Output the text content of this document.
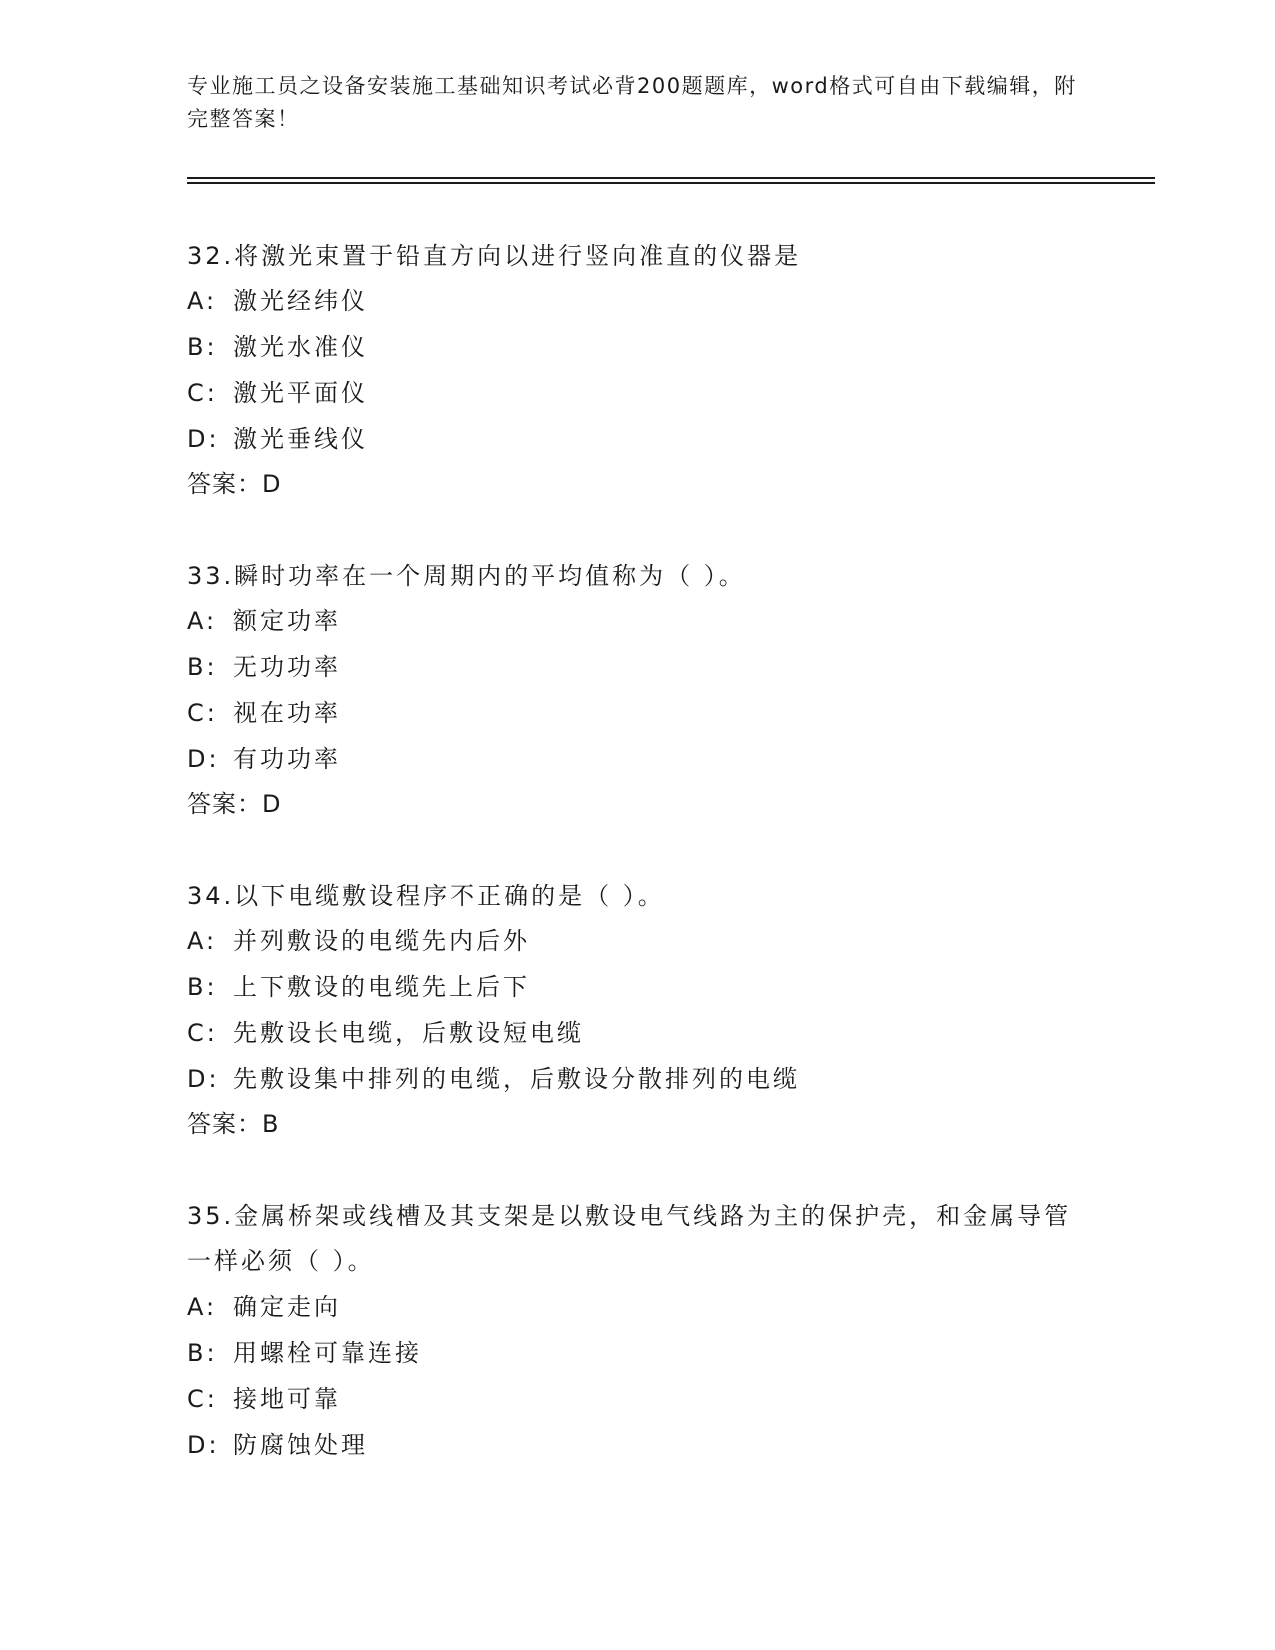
专业施工员之设备安装施工基础知识考试必背200题题库，word格式可自由下载编辑，附完整答案！
32.将激光束置于铅直方向以进行竖向准直的仪器是
A: 激光经纬仪
B: 激光水准仪
C: 激光平面仪
D: 激光垂线仪
答案：D
33.瞬时功率在一个周期内的平均值称为（ ）。
A: 额定功率
B: 无功功率
C: 视在功率
D: 有功功率
答案：D
34.以下电缆敷设程序不正确的是（ ）。
A: 并列敷设的电缆先内后外
B: 上下敷设的电缆先上后下
C: 先敷设长电缆，后敷设短电缆
D: 先敷设集中排列的电缆，后敷设分散排列的电缆
答案：B
35.金属桥架或线槽及其支架是以敷设电气线路为主的保护壳，和金属导管一样必须（ ）。
A: 确定走向
B: 用螺栓可靠连接
C: 接地可靠
D: 防腐蚀处理
